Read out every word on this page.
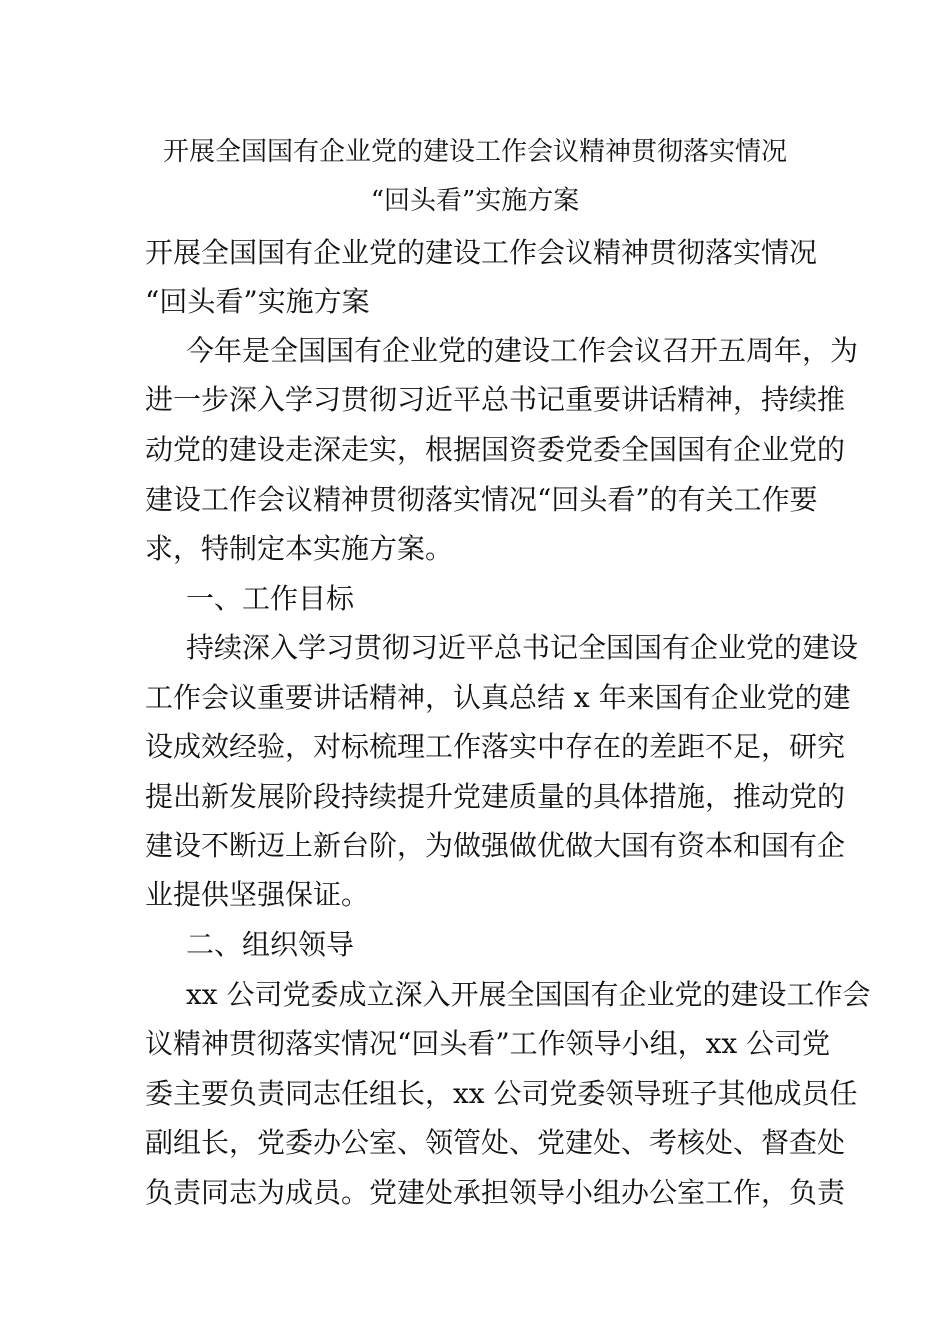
开展全国国有企业党的建设工作会议精神贯彻落实情况
“回头看”实施方案

开展全国国有企业党的建设工作会议精神贯彻落实情况

“回头看”实施方案

今年是全国国有企业党的建设工作会议召开五周年，为

进一步深入学习贯彻习近平总书记重要讲话精神，持续推

动党的建设走深走实，根据国资委党委全国国有企业党的

建设工作会议精神贯彻落实情况“回头看”的有关工作要

求，特制定本实施方案。

一、工作目标

持续深入学习贯彻习近平总书记全国国有企业党的建设

工作会议重要讲话精神，认真总结 x 年来国有企业党的建

设成效经验，对标梳理工作落实中存在的差距不足，研究

提出新发展阶段持续提升党建质量的具体措施，推动党的

建设不断迈上新台阶，为做强做优做大国有资本和国有企

业提供坚强保证。

二、组织领导

xx 公司党委成立深入开展全国国有企业党的建设工作会

议精神贯彻落实情况“回头看”工作领导小组，xx 公司党

委主要负责同志任组长，xx 公司党委领导班子其他成员任

副组长，党委办公室、领管处、党建处、考核处、督查处

负责同志为成员。党建处承担领导小组办公室工作，负责
